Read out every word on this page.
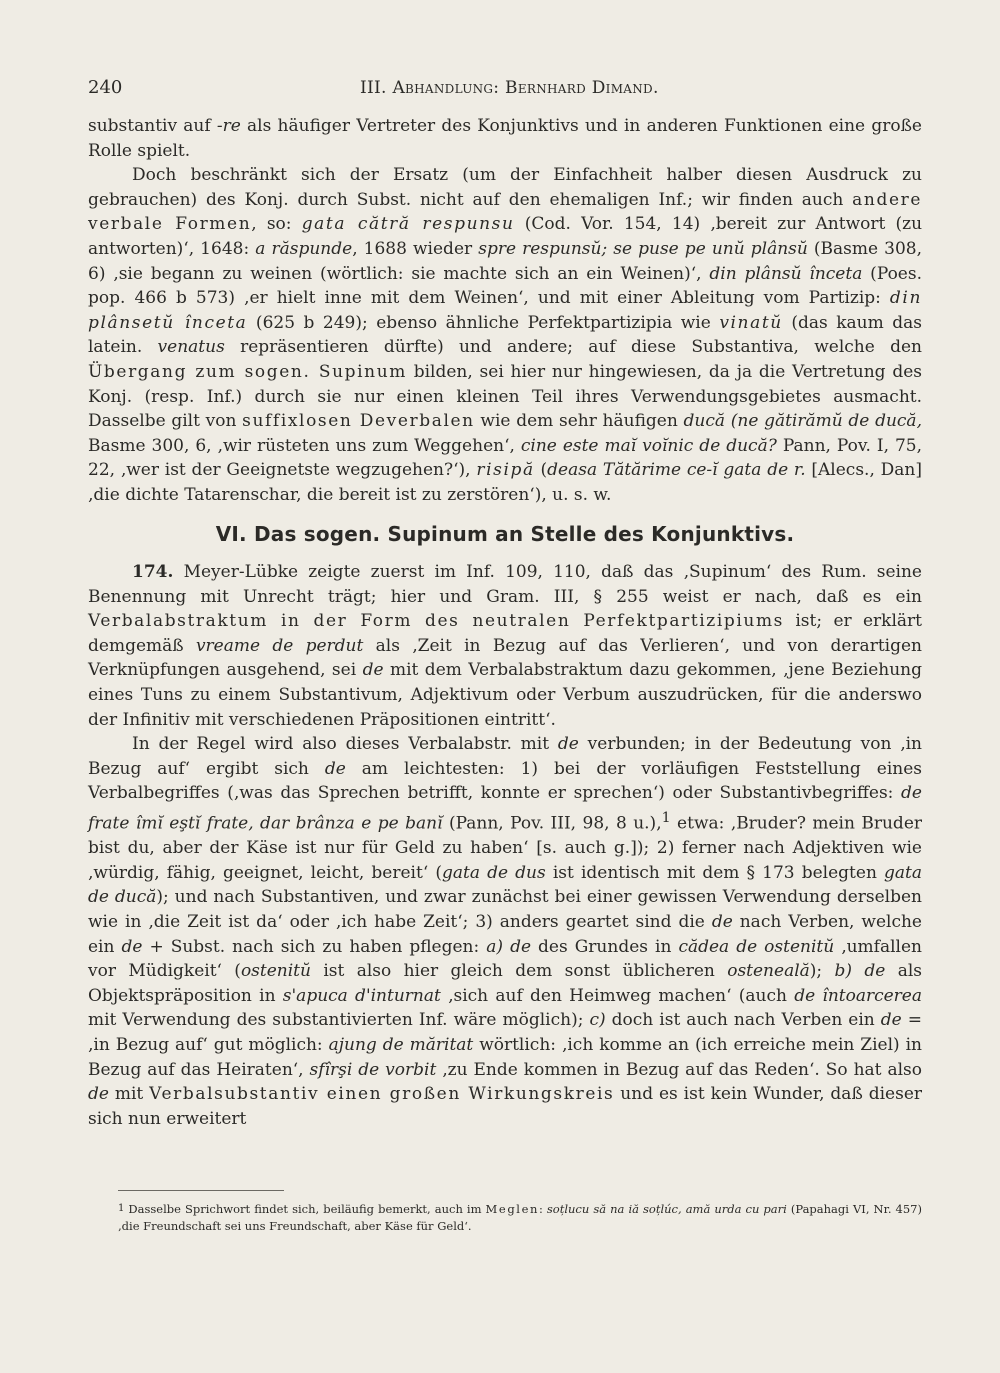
240	III. Abhandlung: Bernhard Dimand.

substantiv auf -re als häufiger Vertreter des Konjunktivs und in anderen Funktionen eine große Rolle spielt.

Doch beschränkt sich der Ersatz (um der Einfachheit halber diesen Ausdruck zu gebrauchen) des Konj. durch Subst. nicht auf den ehemaligen Inf.; wir finden auch andere verbale Formen, so: gata cătră respunsu (Cod. Vor. 154, 14) ‚bereit zur Antwort (zu antworten)‘, 1648: a răspunde, 1688 wieder spre respunsŭ; se puse pe unŭ plânsŭ (Basme 308, 6) ‚sie begann zu weinen (wörtlich: sie machte sich an ein Weinen)‘, din plânsŭ înceta (Poes. pop. 466 b 573) ‚er hielt inne mit dem Weinen‘, und mit einer Ableitung vom Partizip: din plânsetŭ înceta (625 b 249); ebenso ähnliche Perfektpartizipia wie vinatŭ (das kaum das latein. venatus repräsentieren dürfte) und andere; auf diese Substantiva, welche den Übergang zum sogen. Supinum bilden, sei hier nur hingewiesen, da ja die Vertretung des Konj. (resp. Inf.) durch sie nur einen kleinen Teil ihres Verwendungsgebietes ausmacht. Dasselbe gilt von suffixlosen Deverbalen wie dem sehr häufigen ducă (ne gătirămŭ de ducă, Basme 300, 6, ‚wir rüsteten uns zum Weggehen‘, cine este maĭ voĭnic de ducă? Pann, Pov. I, 75, 22, ‚wer ist der Geeignetste wegzugehen?‘), risipă (deasa Tătărime ce-ĭ gata de r. [Alecs., Dan] ‚die dichte Tatarenschar, die bereit ist zu zerstören‘), u. s. w.

VI. Das sogen. Supinum an Stelle des Konjunktivs.

174. Meyer-Lübke zeigte zuerst im Inf. 109, 110, daß das ‚Supinum‘ des Rum. seine Benennung mit Unrecht trägt; hier und Gram. III, § 255 weist er nach, daß es ein Verbalabstraktum in der Form des neutralen Perfektpartizipiums ist; er erklärt demgemäß vreame de perdut als ‚Zeit in Bezug auf das Verlieren‘, und von derartigen Verknüpfungen ausgehend, sei de mit dem Verbalabstraktum dazu gekommen, ‚jene Beziehung eines Tuns zu einem Substantivum, Adjektivum oder Verbum auszudrücken, für die anderswo der Infinitiv mit verschiedenen Präpositionen eintritt‘.

In der Regel wird also dieses Verbalabstr. mit de verbunden; in der Bedeutung von ‚in Bezug auf‘ ergibt sich de am leichtesten: 1) bei der vorläufigen Feststellung eines Verbalbegriffes (‚was das Sprechen betrifft, konnte er sprechen‘) oder Substantivbegriffes: de frate îmĭ eştĭ frate, dar brânza e pe banĭ (Pann, Pov. III, 98, 8 u.),$^1$ etwa: ‚Bruder? mein Bruder bist du, aber der Käse ist nur für Geld zu haben‘ [s. auch g.]); 2) ferner nach Adjektiven wie ‚würdig, fähig, geeignet, leicht, bereit‘ (gata de dus ist identisch mit dem § 173 belegten gata de ducă); und nach Substantiven, und zwar zunächst bei einer gewissen Verwendung derselben wie in ‚die Zeit ist da‘ oder ‚ich habe Zeit‘; 3) anders geartet sind die de nach Verben, welche ein de + Subst. nach sich zu haben pflegen: a) de des Grundes in cădea de ostenitŭ ‚umfallen vor Müdigkeit‘ (ostenitŭ ist also hier gleich dem sonst üblicheren osteneală); b) de als Objektspräposition in s'apuca d'inturnat ‚sich auf den Heimweg machen‘ (auch de întoarcerea mit Verwendung des substantivierten Inf. wäre möglich); c) doch ist auch nach Verben ein de = ‚in Bezug auf‘ gut möglich: ajung de măritat wörtlich: ‚ich komme an (ich erreiche mein Ziel) in Bezug auf das Heiraten‘, sfîrşi de vorbit ‚zu Ende kommen in Bezug auf das Reden‘. So hat also de mit Verbalsubstantiv einen großen Wirkungskreis und es ist kein Wunder, daß dieser sich nun erweitert

$^1$ Dasselbe Sprichwort findet sich, beiläufig bemerkt, auch im Meglen: soțlucu să na iă soțlúc, amă urda cu pari (Papahagi VI, Nr. 457) ‚die Freundschaft sei uns Freundschaft, aber Käse für Geld‘.
